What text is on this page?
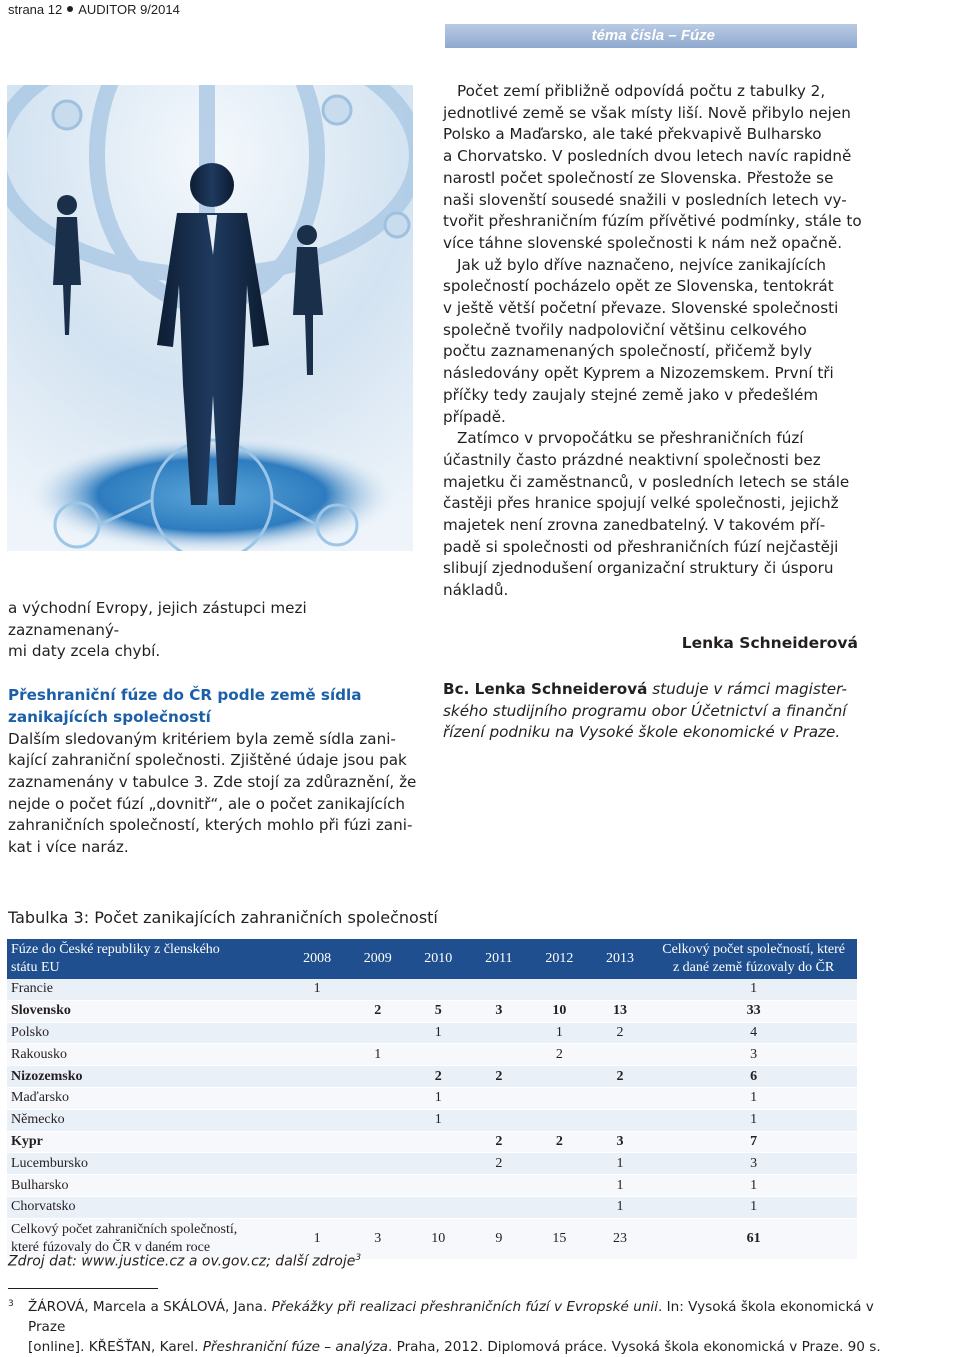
strana 12 AUDITOR 9/2014
téma čísla – Fúze

a východní Evropy, jejich zástupci mezi zaznamenaný-
mi daty zcela chybí.

Přeshraniční fúze do ČR podle země sídla
zanikajících společností

Dalším sledovaným kritériem byla země sídla zani-
kající zahraniční společnosti. Zjištěné údaje jsou pak
zaznamenány v tabulce 3. Zde stojí za zdůraznění, že
nejde o počet fúzí „dovnitř“, ale o počet zanikajících
zahraničních společností, kterých mohlo při fúzi zani-
kat i více naráz.

Počet zemí přibližně odpovídá počtu z tabulky 2,
jednotlivé země se však místy liší. Nově přibylo nejen
Polsko a Maďarsko, ale také překvapivě Bulharsko
a Chorvatsko. V posledních dvou letech navíc rapidně
narostl počet společností ze Slovenska. Přestože se
naši slovenští sousedé snažili v posledních letech vy-
tvořit přeshraničním fúzím přívětivé podmínky, stále to
více táhne slovenské společnosti k nám než opačně.

Jak už bylo dříve naznačeno, nejvíce zanikajících
společností pocházelo opět ze Slovenska, tentokrát
v ještě větší početní převaze. Slovenské společnosti
společně tvořily nadpoloviční většinu celkového
počtu zaznamenaných společností, přičemž byly
následovány opět Kyprem a Nizozemskem. První tři
příčky tedy zaujaly stejné země jako v předešlém
případě.

Zatímco v prvopočátku se přeshraničních fúzí
účastnily často prázdné neaktivní společnosti bez
majetku či zaměstnanců, v posledních letech se stále
častěji přes hranice spojují velké společnosti, jejichž
majetek není zrovna zanedbatelný. V takovém pří-
padě si společnosti od přeshraničních fúzí nejčastěji
slibují zjednodušení organizační struktury či úsporu
nákladů.

Lenka Schneiderová
Bc. Lenka Schneiderová studuje v rámci magister-
ského studijního programu obor Účetnictví a finanční
řízení podniku na Vysoké škole ekonomické v Praze.
Tabulka 3: Počet zanikajících zahraničních společností
Fúze do České republiky z členského
státu EU	2008	2009	2010	2011	2012	2013	Celkový počet společností, které
z dané země fúzovaly do ČR
Francie	1						1
Slovensko		2	5	3	10	13	33
Polsko			1		1	2	4
Rakousko		1			2		3
Nizozemsko			2	2		2	6
Maďarsko			1				1
Německo			1				1
Kypr				2	2	3	7
Lucembursko				2		1	3
Bulharsko						1	1
Chorvatsko						1	1
Celkový počet zahraničních společností,
které fúzovaly do ČR v daném roce	1	3	10	9	15	23	61
Zdroj dat: www.justice.cz a ov.gov.cz; další zdroje$^3$
3 ŽÁROVÁ, Marcela a SKÁLOVÁ, Jana. Překážky při realizaci přeshraničních fúzí v Evropské unii. In: Vysoká škola ekonomická v Praze
[online]. KŘEŠŤAN, Karel. Přeshraniční fúze – analýza. Praha, 2012. Diplomová práce. Vysoká škola ekonomická v Praze. 90 s.
